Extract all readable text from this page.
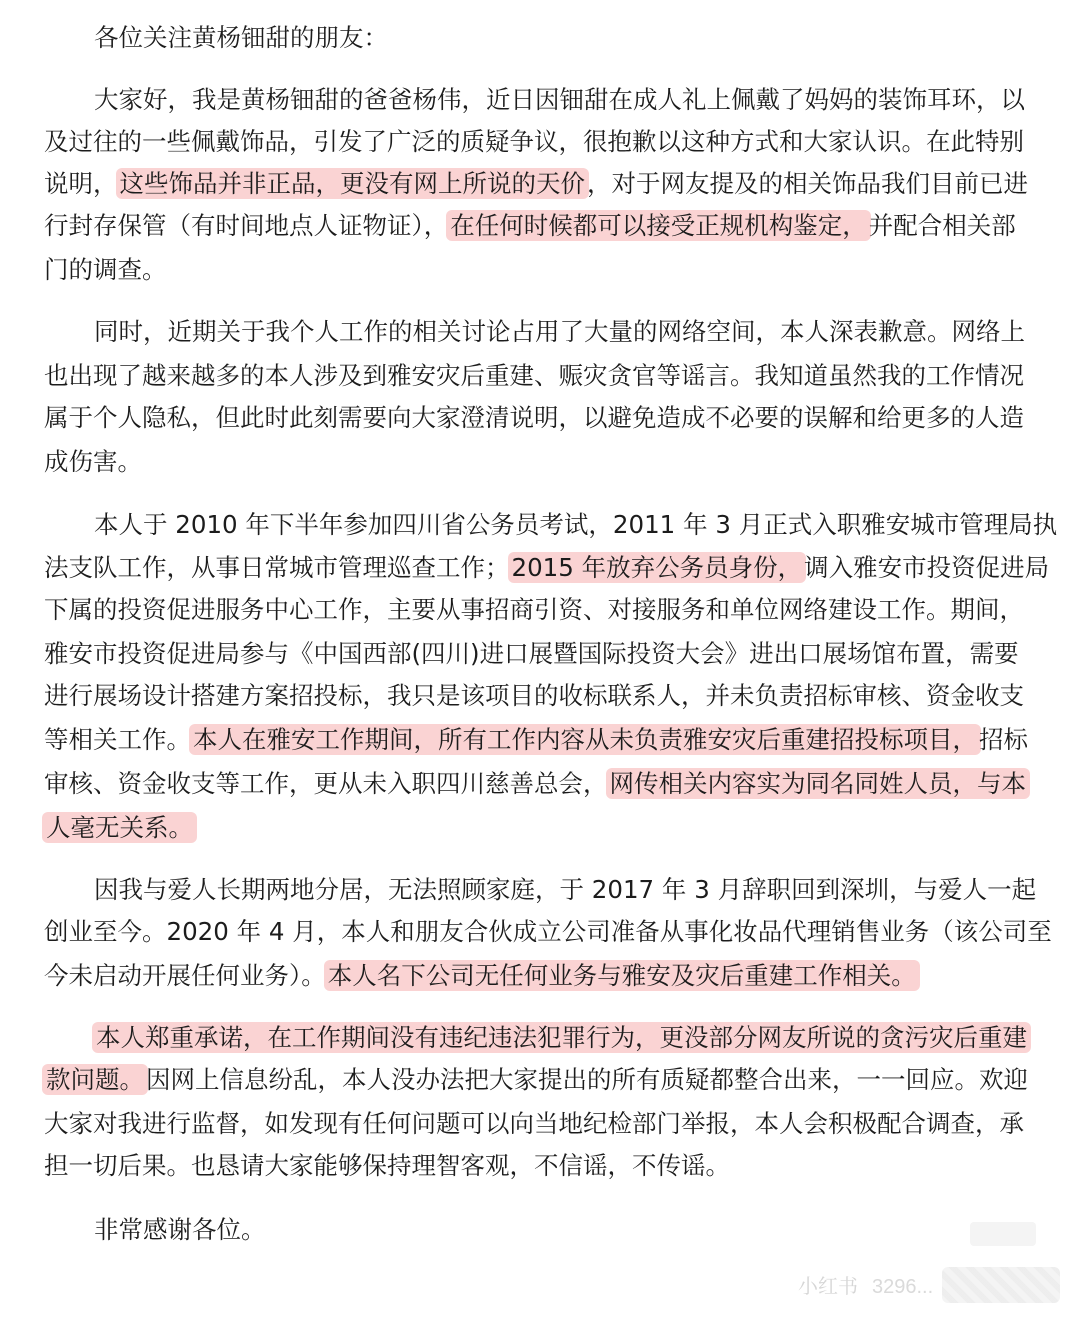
各位关注黄杨钿甜的朋友：
大家好，我是黄杨钿甜的爸爸杨伟，近日因钿甜在成人礼上佩戴了妈妈的装饰耳环，以
及过往的一些佩戴饰品，引发了广泛的质疑争议，很抱歉以这种方式和大家认识。在此特别
说明，这些饰品并非正品，更没有网上所说的天价，对于网友提及的相关饰品我们目前已进
行封存保管（有时间地点人证物证），在任何时候都可以接受正规机构鉴定，并配合相关部
门的调查。
同时，近期关于我个人工作的相关讨论占用了大量的网络空间，本人深表歉意。网络上
也出现了越来越多的本人涉及到雅安灾后重建、赈灾贪官等谣言。我知道虽然我的工作情况
属于个人隐私，但此时此刻需要向大家澄清说明，以避免造成不必要的误解和给更多的人造
成伤害。
本人于 2010 年下半年参加四川省公务员考试，2011 年 3 月正式入职雅安城市管理局执
法支队工作，从事日常城市管理巡查工作；2015 年放弃公务员身份，调入雅安市投资促进局
下属的投资促进服务中心工作，主要从事招商引资、对接服务和单位网络建设工作。期间，
雅安市投资促进局参与《中国西部(四川)进口展暨国际投资大会》进出口展场馆布置，需要
进行展场设计搭建方案招投标，我只是该项目的收标联系人，并未负责招标审核、资金收支
等相关工作。本人在雅安工作期间，所有工作内容从未负责雅安灾后重建招投标项目，招标
审核、资金收支等工作，更从未入职四川慈善总会，网传相关内容实为同名同姓人员，与本
人毫无关系。
因我与爱人长期两地分居，无法照顾家庭，于 2017 年 3 月辞职回到深圳，与爱人一起
创业至今。2020 年 4 月，本人和朋友合伙成立公司准备从事化妆品代理销售业务（该公司至
今未启动开展任何业务）。本人名下公司无任何业务与雅安及灾后重建工作相关。
本人郑重承诺，在工作期间没有违纪违法犯罪行为，更没部分网友所说的贪污灾后重建
款问题。因网上信息纷乱，本人没办法把大家提出的所有质疑都整合出来，一一回应。欢迎
大家对我进行监督，如发现有任何问题可以向当地纪检部门举报，本人会积极配合调查，承
担一切后果。也恳请大家能够保持理智客观，不信谣，不传谣。
非常感谢各位。
小红书 3296...
